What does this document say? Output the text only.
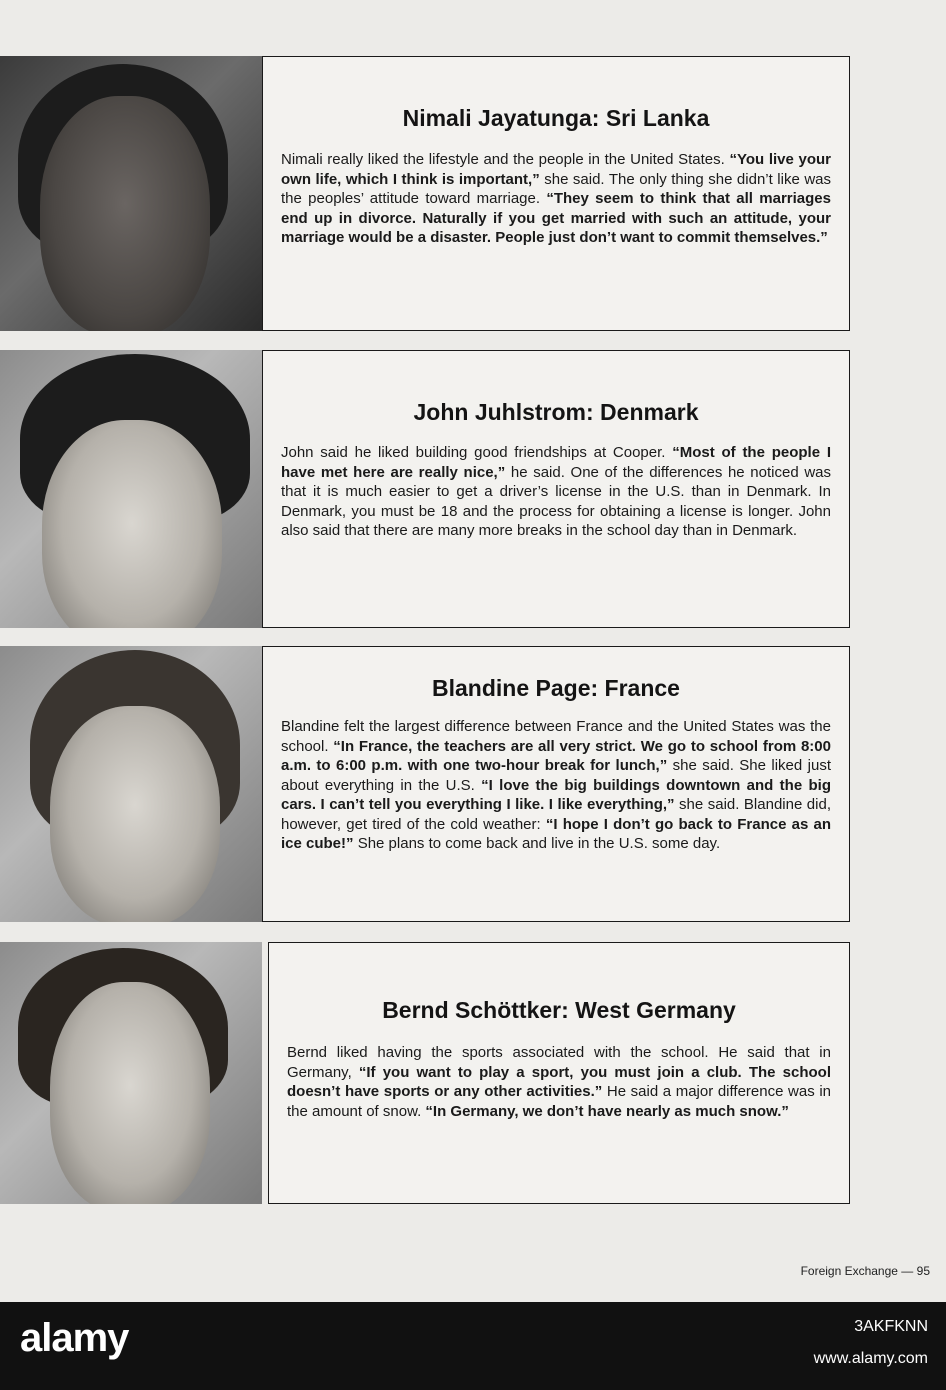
Nimali Jayatunga: Sri Lanka
Nimali really liked the lifestyle and the people in the United States. “You live your own life, which I think is important,” she said. The only thing she didn’t like was the peoples’ attitude toward marriage. “They seem to think that all marriages end up in divorce. Naturally if you get married with such an attitude, your marriage would be a disaster. People just don’t want to commit themselves.”
John Juhlstrom: Denmark
John said he liked building good friendships at Cooper. “Most of the people I have met here are really nice,” he said. One of the differences he noticed was that it is much easier to get a driver’s license in the U.S. than in Denmark. In Denmark, you must be 18 and the process for obtaining a license is longer. John also said that there are many more breaks in the school day than in Denmark.
Blandine Page: France
Blandine felt the largest difference between France and the United States was the school. “In France, the teachers are all very strict. We go to school from 8:00 a.m. to 6:00 p.m. with one two-hour break for lunch,” she said. She liked just about everything in the U.S. “I love the big buildings downtown and the big cars. I can’t tell you everything I like. I like everything,” she said. Blandine did, however, get tired of the cold weather: “I hope I don’t go back to France as an ice cube!” She plans to come back and live in the U.S. some day.
Bernd Schöttker: West Germany
Bernd liked having the sports associated with the school. He said that in Germany, “If you want to play a sport, you must join a club. The school doesn’t have sports or any other activities.” He said a major difference was in the amount of snow. “In Germany, we don’t have nearly as much snow.”
Foreign Exchange — 95
alamy	3AKFKNN
www.alamy.com
